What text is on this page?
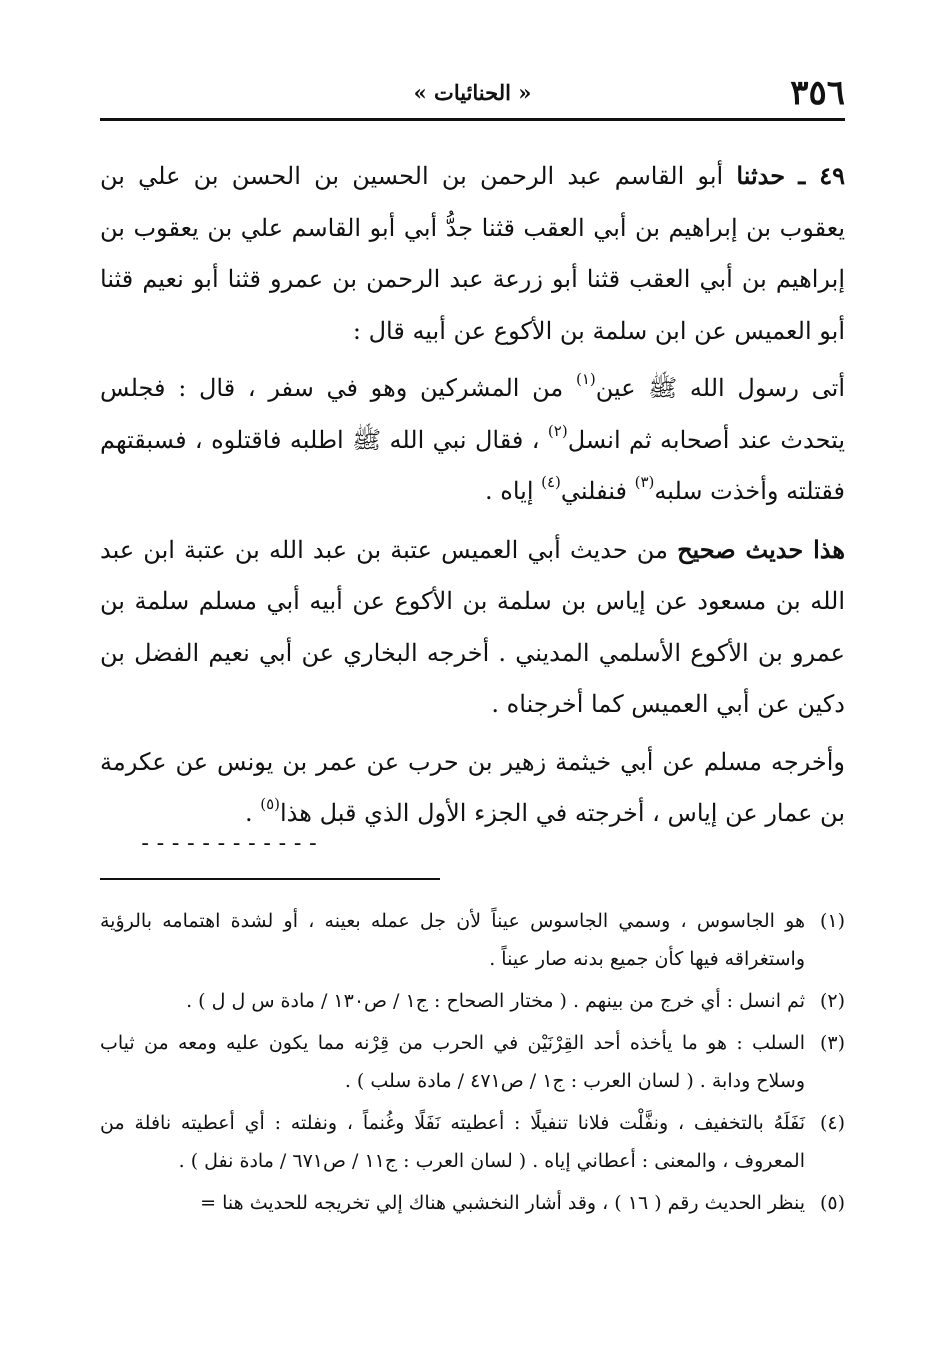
٣٥٦
« الحنائيات »

٤٩ ـ حدثنا أبو القاسم عبد الرحمن بن الحسين بن الحسن بن علي بن يعقوب بن إبراهيم بن أبي العقب قثنا جدُّ أبي أبو القاسم علي بن يعقوب بن إبراهيم بن أبي العقب قثنا أبو زرعة عبد الرحمن بن عمرو قثنا أبو نعيم قثنا أبو العميس عن ابن سلمة بن الأكوع عن أبيه قال :

أتى رسول الله ﷺ عين$^{(١)}$ من المشركين وهو في سفر ، قال : فجلس يتحدث عند أصحابه ثم انسل$^{(٢)}$ ، فقال نبي الله ﷺ اطلبه فاقتلوه ، فسبقتهم فقتلته وأخذت سلبه$^{(٣)}$ فنفلني$^{(٤)}$ إياه .

هذا حديث صحيح من حديث أبي العميس عتبة بن عبد الله بن عتبة ابن عبد الله بن مسعود عن إياس بن سلمة بن الأكوع عن أبيه أبي مسلم سلمة بن عمرو بن الأكوع الأسلمي المديني . أخرجه البخاري عن أبي نعيم الفضل بن دكين عن أبي العميس كما أخرجناه .

وأخرجه مسلم عن أبي خيثمة زهير بن حرب عن عمر بن يونس عن عكرمة بن عمار عن إياس ، أخرجته في الجزء الأول الذي قبل هذا$^{(٥)}$ .

------------
(١)
هو الجاسوس ، وسمي الجاسوس عيناً لأن جل عمله بعينه ، أو لشدة اهتمامه بالرؤية واستغراقه فيها كأن جميع بدنه صار عيناً .
(٢)
ثم انسل : أي خرج من بينهم . ( مختار الصحاح : ج١ / ص١٣٠ / مادة س ل ل ) .
(٣)
السلب : هو ما يأخذه أحد القِرْنَيْن في الحرب من قِرْنه مما يكون عليه ومعه من ثياب وسلاح ودابة . ( لسان العرب : ج١ / ص٤٧١ / مادة سلب ) .
(٤)
نَفَلَهُ بالتخفيف ، ونفَّلْت فلانا تنفيلًا : أعطيته نَفَلًا وغُنماً ، ونفلته : أي أعطيته نافلة من المعروف ، والمعنى : أعطاني إياه . ( لسان العرب : ج١١ / ص٦٧١ / مادة نفل ) .
(٥)
ينظر الحديث رقم ( ١٦ ) ، وقد أشار النخشبي هناك إلي تخريجه للحديث هنا =
